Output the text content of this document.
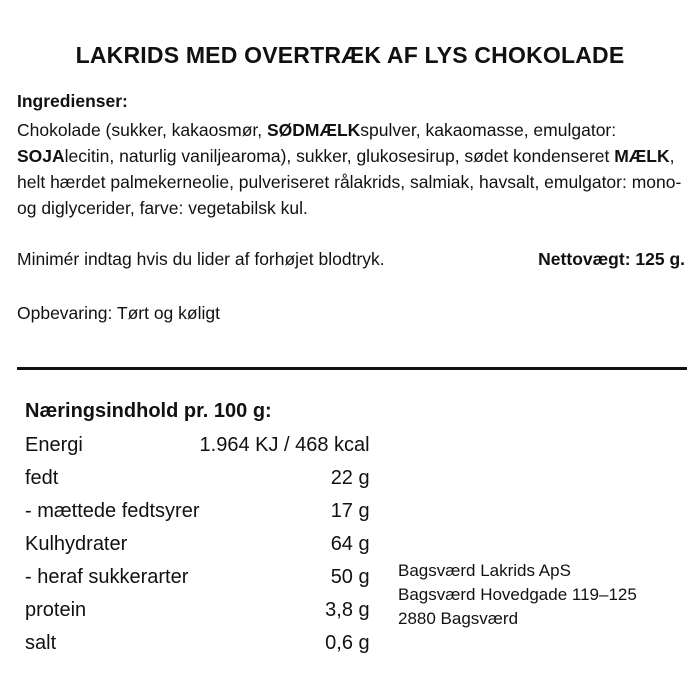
LAKRIDS MED OVERTRÆK AF LYS CHOKOLADE
Ingredienser:
Chokolade (sukker, kakaosmør, SØDMÆLKspulver, kakaomasse, emulgator: SOJAlecitin, naturlig vaniljearoma), sukker, glukosesirup, sødet kondenseret MÆLK, helt hærdet palmekerneolie, pulveriseret rålakrids, salmiak, havsalt, emulgator: mono- og diglycerider, farve: vegetabilsk kul.
Minimér indtag hvis du lider af forhøjet blodtryk.	Nettovægt: 125 g.
Opbevaring: Tørt og køligt
Næringsindhold pr. 100 g:
Energi	1.964 KJ / 468 kcal
fedt	22 g
- mættede fedtsyrer	17 g
Kulhydrater	64 g
- heraf sukkerarter	50 g
protein	3,8 g
salt	0,6 g
Bagsværd Lakrids ApS
Bagsværd Hovedgade 119–125
2880 Bagsværd
